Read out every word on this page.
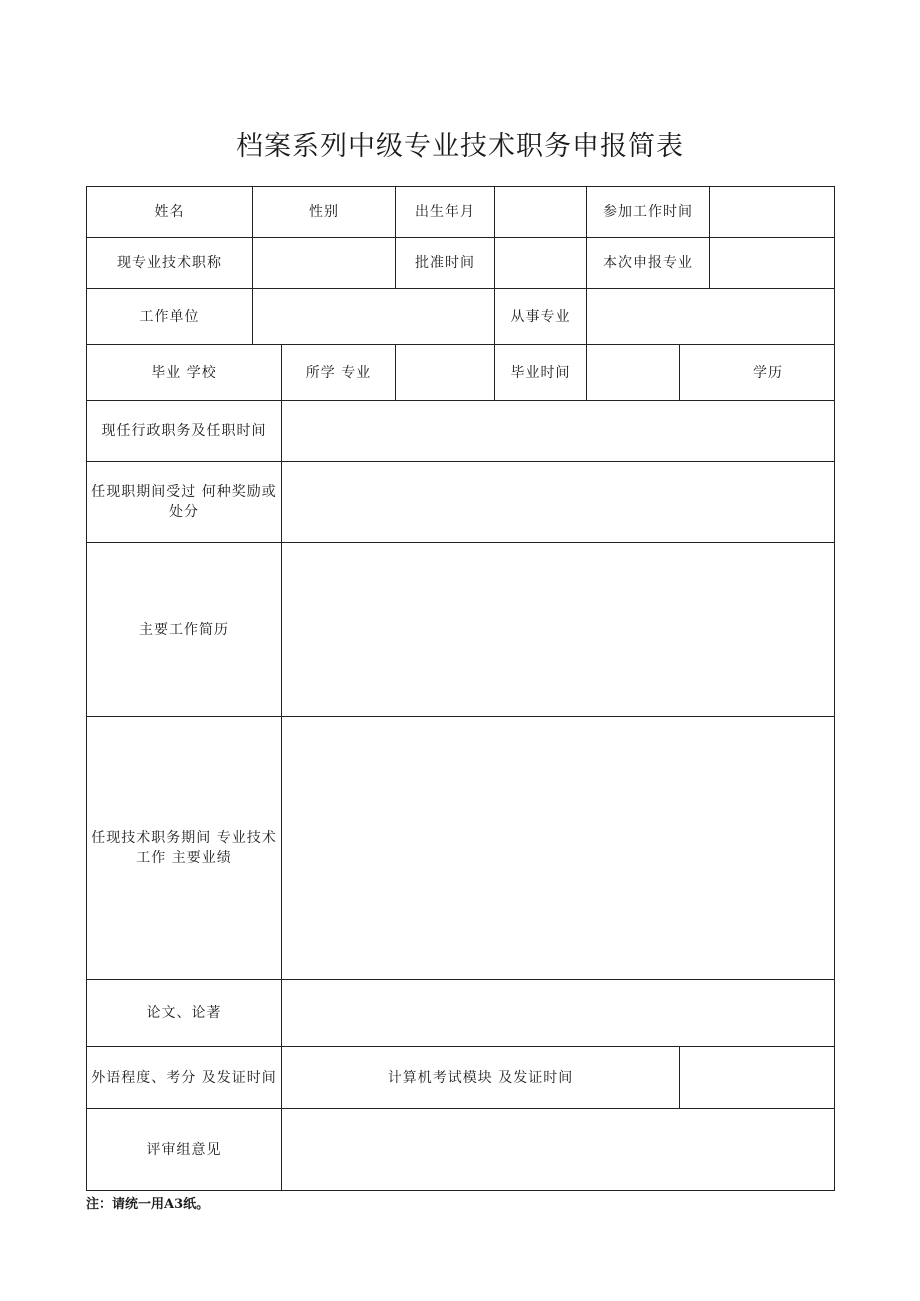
档案系列中级专业技术职务申报简表
姓名	性别		出生年月		参加工作时间		
现专业技术职称			批准时间		本次申报专业		
工作单位				从事专业			
毕业 学校		所学 专业		毕业时间		学历	
现任行政职务及任职时间							
任现职期间受过 何种奖励或处分							
主要工作简历							
任现技术职务期间 专业技术工作 主要业绩							
论文、论著							
外语程度、考分 及发证时间		计算机考试模块 及发证时间					
评审组意见							
注：请统一用A3纸。
